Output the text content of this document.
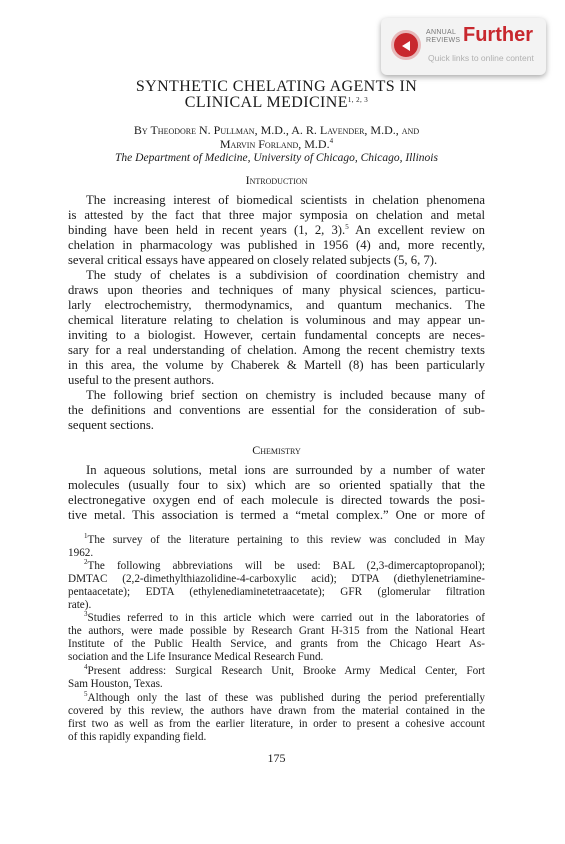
ANNUAL
REVIEWS Further
Quick links to online content
SYNTHETIC CHELATING AGENTS IN
CLINICAL MEDICINE$^{1, 2, 3}$
By Theodore N. Pullman, M.D., A. R. Lavender, M.D., and
Marvin Forland, M.D.$^4$
The Department of Medicine, University of Chicago, Chicago, Illinois
Introduction
The increasing interest of biomedical scientists in chelation phenomena
is attested by the fact that three major symposia on chelation and metal
binding have been held in recent years (1, 2, 3).$^5$ An excellent review on
chelation in pharmacology was published in 1956 (4) and, more recently,
several critical essays have appeared on closely related subjects (5, 6, 7).
The study of chelates is a subdivision of coordination chemistry and
draws upon theories and techniques of many physical sciences, particu-
larly electrochemistry, thermodynamics, and quantum mechanics. The
chemical literature relating to chelation is voluminous and may appear un-
inviting to a biologist. However, certain fundamental concepts are neces-
sary for a real understanding of chelation. Among the recent chemistry texts
in this area, the volume by Chaberek & Martell (8) has been particularly
useful to the present authors.
The following brief section on chemistry is included because many of
the definitions and conventions are essential for the consideration of sub-
sequent sections.
Chemistry
In aqueous solutions, metal ions are surrounded by a number of water
molecules (usually four to six) which are so oriented spatially that the
electronegative oxygen end of each molecule is directed towards the posi-
tive metal. This association is termed a “metal complex.” One or more of
$^1$The survey of the literature pertaining to this review was concluded in May
1962.
$^2$The following abbreviations will be used: BAL (2,3-dimercaptopropanol);
DMTAC (2,2-dimethylthiazolidine-4-carboxylic acid); DTPA (diethylenetriamine-
pentaacetate); EDTA (ethylenediaminetetraacetate); GFR (glomerular filtration
rate).
$^3$Studies referred to in this article which were carried out in the laboratories of
the authors, were made possible by Research Grant H-315 from the National Heart
Institute of the Public Health Service, and grants from the Chicago Heart As-
sociation and the Life Insurance Medical Research Fund.
$^4$Present address: Surgical Research Unit, Brooke Army Medical Center, Fort
Sam Houston, Texas.
$^5$Although only the last of these was published during the period preferentially
covered by this review, the authors have drawn from the material contained in the
first two as well as from the earlier literature, in order to present a cohesive account
of this rapidly expanding field.
175
